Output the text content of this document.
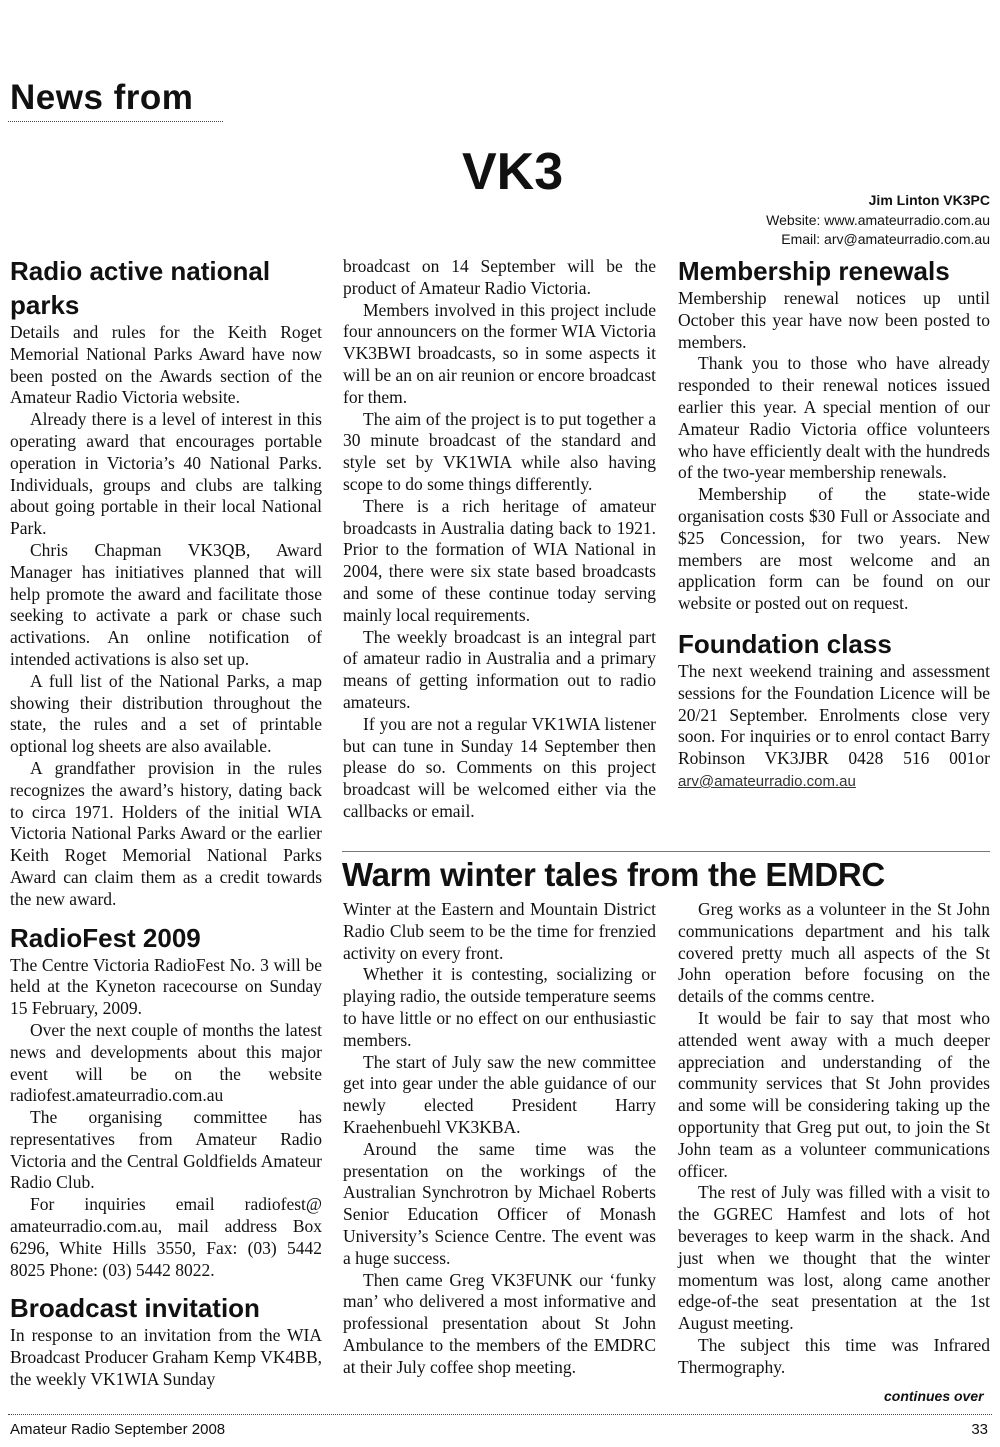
News from
VK3	Jim Linton VK3PC
Website: www.amateurradio.com.au
Email: arv@amateurradio.com.au
Radio active national parks

Details and rules for the Keith Roget Memorial National Parks Award have now been posted on the Awards section of the Amateur Radio Victoria website.

Already there is a level of interest in this operating award that encourages portable operation in Victoria’s 40 National Parks. Individuals, groups and clubs are talking about going portable in their local National Park.

Chris Chapman VK3QB, Award Manager has initiatives planned that will help promote the award and facilitate those seeking to activate a park or chase such activations. An online notification of intended activations is also set up.

A full list of the National Parks, a map showing their distribution throughout the state, the rules and a set of printable optional log sheets are also available.

A grandfather provision in the rules recognizes the award’s history, dating back to circa 1971. Holders of the initial WIA Victoria National Parks Award or the earlier Keith Roget Memorial National Parks Award can claim them as a credit towards the new award.

RadioFest 2009

The Centre Victoria RadioFest No. 3 will be held at the Kyneton racecourse on Sunday 15 February, 2009.

Over the next couple of months the latest news and developments about this major event will be on the website radiofest.amateurradio.com.au

The organising committee has representatives from Amateur Radio Victoria and the Central Goldfields Amateur Radio Club.

For inquiries email radiofest@ amateurradio.com.au, mail address Box 6296, White Hills 3550, Fax: (03) 5442 8025 Phone: (03) 5442 8022.

Broadcast invitation

In response to an invitation from the WIA Broadcast Producer Graham Kemp VK4BB, the weekly VK1WIA Sunday

broadcast on 14 September will be the product of Amateur Radio Victoria.

Members involved in this project include four announcers on the former WIA Victoria VK3BWI broadcasts, so in some aspects it will be an on air reunion or encore broadcast for them.

The aim of the project is to put together a 30 minute broadcast of the standard and style set by VK1WIA while also having scope to do some things differently.

There is a rich heritage of amateur broadcasts in Australia dating back to 1921. Prior to the formation of WIA National in 2004, there were six state based broadcasts and some of these continue today serving mainly local requirements.

The weekly broadcast is an integral part of amateur radio in Australia and a primary means of getting information out to radio amateurs.

If you are not a regular VK1WIA listener but can tune in Sunday 14 September then please do so. Comments on this project broadcast will be welcomed either via the callbacks or email.

Membership renewals

Membership renewal notices up until October this year have now been posted to members.

Thank you to those who have already responded to their renewal notices issued earlier this year. A special mention of our Amateur Radio Victoria office volunteers who have efficiently dealt with the hundreds of the two-year membership renewals.

Membership of the state-wide organisation costs $30 Full or Associate and $25 Concession, for two years. New members are most welcome and an application form can be found on our website or posted out on request.

Foundation class

The next weekend training and assessment sessions for the Foundation Licence will be 20/21 September. Enrolments close very soon. For inquiries or to enrol contact Barry Robinson VK3JBR 0428 516 001or arv@amateurradio.com.au

Warm winter tales from the EMDRC

Winter at the Eastern and Mountain District Radio Club seem to be the time for frenzied activity on every front.

Whether it is contesting, socializing or playing radio, the outside temperature seems to have little or no effect on our enthusiastic members.

The start of July saw the new committee get into gear under the able guidance of our newly elected President Harry Kraehenbuehl VK3KBA.

Around the same time was the presentation on the workings of the Australian Synchrotron by Michael Roberts Senior Education Officer of Monash University’s Science Centre. The event was a huge success.

Then came Greg VK3FUNK our ‘funky man’ who delivered a most informative and professional presentation about St John Ambulance to the members of the EMDRC at their July coffee shop meeting.

Greg works as a volunteer in the St John communications department and his talk covered pretty much all aspects of the St John operation before focusing on the details of the comms centre.

It would be fair to say that most who attended went away with a much deeper appreciation and understanding of the community services that St John provides and some will be considering taking up the opportunity that Greg put out, to join the St John team as a volunteer communications officer.

The rest of July was filled with a visit to the GGREC Hamfest and lots of hot beverages to keep warm in the shack. And just when we thought that the winter momentum was lost, along came another edge-of-the seat presentation at the 1st August meeting.

The subject this time was Infrared Thermography.

continues over
Amateur Radio September 2008	33
